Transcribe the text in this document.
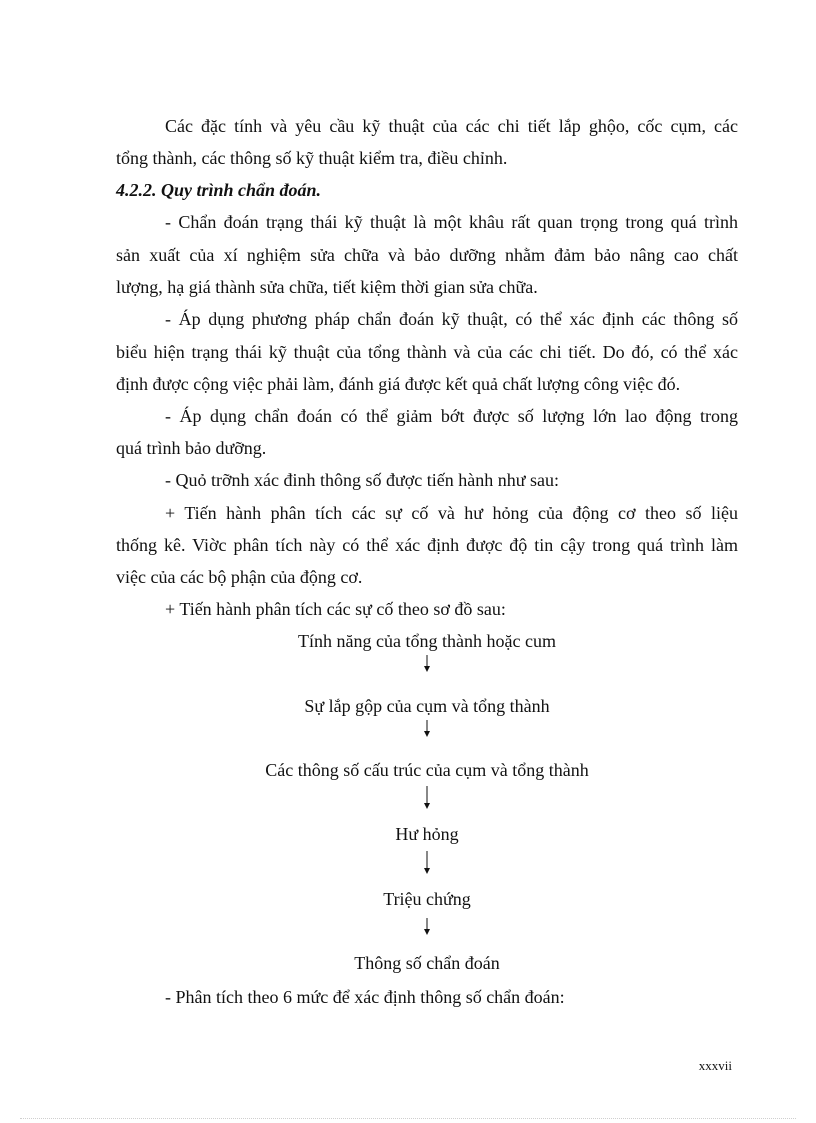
Các đặc tính và yêu cầu kỹ thuật của các chi tiết lắp ghộo, cốc cụm, các
tổng thành, các thông số kỹ thuật kiểm tra, điều chỉnh.
4.2.2. Quy trình chẩn đoán.
- Chẩn đoán trạng thái kỹ thuật là một khâu rất quan trọng trong quá trình
sản xuất của xí nghiệm sửa chữa và bảo dưỡng nhằm đảm bảo nâng cao chất
lượng, hạ giá thành sửa chữa, tiết kiệm thời gian sửa chữa.
- Áp dụng phương pháp chẩn đoán kỹ thuật, có thể xác định các thông số
biểu hiện trạng thái kỹ thuật của tổng thành và của các chi tiết. Do đó, có thể xác
định được cộng việc phải làm, đánh giá được kết quả chất lượng công việc đó.
- Áp dụng chẩn đoán có thể giảm bớt được số lượng lớn lao động trong
quá trình bảo dưỡng.
- Quỏ trỡnh xác đinh thông số được tiến hành như sau:
+ Tiến hành phân tích các sự cố và hư hỏng của động cơ theo số liệu
thống kê. Viờc phân tích này có thể xác định được độ tin cậy trong quá trình làm
việc của các bộ phận của động cơ.
+ Tiến hành phân tích các sự cố theo sơ đồ sau:
Tính năng của tổng thành hoặc cum
Sự lắp gộp của cụm và tổng thành
Các thông số cấu trúc của cụm và tổng thành
Hư hỏng
Triệu chứng
Thông số chẩn đoán
- Phân tích theo 6 mức để xác định thông số chẩn đoán:
xxxvii
